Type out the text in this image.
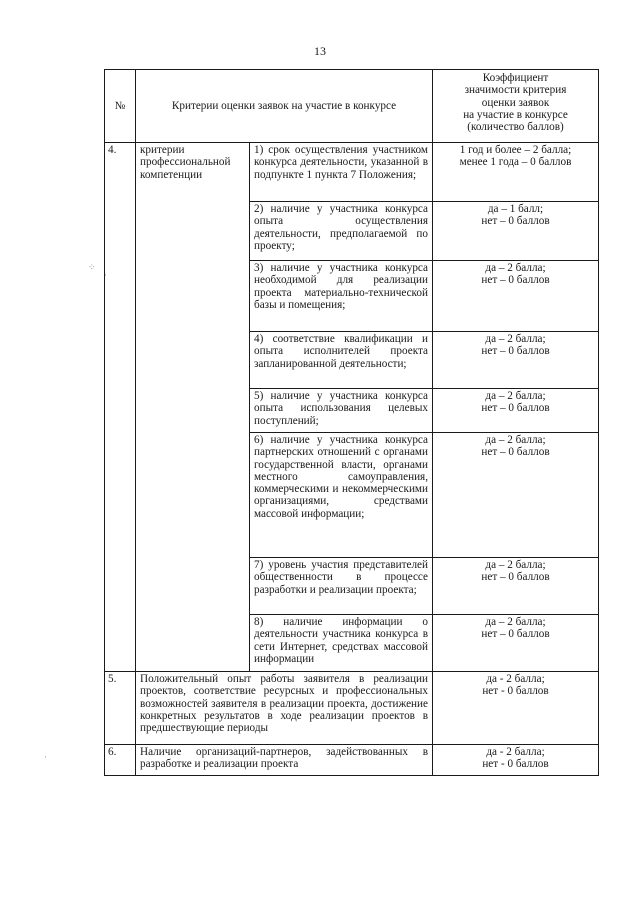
13
№	Критерии оценки заявок на участие в конкурсе		Коэффициент
значимости критерия
оценки заявок
на участие в конкурсе
(количество баллов)

4.	критерии
профессиональной
компетенции	1) срок осуществления участником конкурса деятельности, указанной в подпункте 1 пункта 7 Положения;	1 год и более – 2 балла;
менее 1 года – 0 баллов

		2) наличие у участника конкурса опыта осуществления деятельности, предполагаемой по проекту;	да – 1 балл;
нет – 0 баллов

		3) наличие у участника конкурса необходимой для реализации проекта материально-технической базы и помещения;	да – 2 балла;
нет – 0 баллов

		4) соответствие квалификации и опыта исполнителей проекта запланированной деятельности;	да – 2 балла;
нет – 0 баллов

		5) наличие у участника конкурса опыта использования целевых поступлений;	да – 2 балла;
нет – 0 баллов

		6) наличие у участника конкурса партнерских отношений с органами государственной власти, органами местного самоуправления, коммерческими и некоммерческими организациями, средствами массовой информации;	да – 2 балла;
нет – 0 баллов

		7) уровень участия представителей общественности в процессе разработки и реализации проекта;	да – 2 балла;
нет – 0 баллов

		8) наличие информации о деятельности участника конкурса в сети Интернет, средствах массовой информации	да – 2 балла;
нет – 0 баллов

5.	Положительный опыт работы заявителя в реализации проектов, соответствие ресурсных и профессиональных возможностей заявителя в реализации проекта, достижение конкретных результатов в ходе реализации проектов в предшествующие периоды		да - 2 балла;
нет - 0 баллов

6.	Наличие организаций-партнеров, задействованных в разработке и реализации проекта		да - 2 балла;
нет - 0 баллов
⁘
·
·
